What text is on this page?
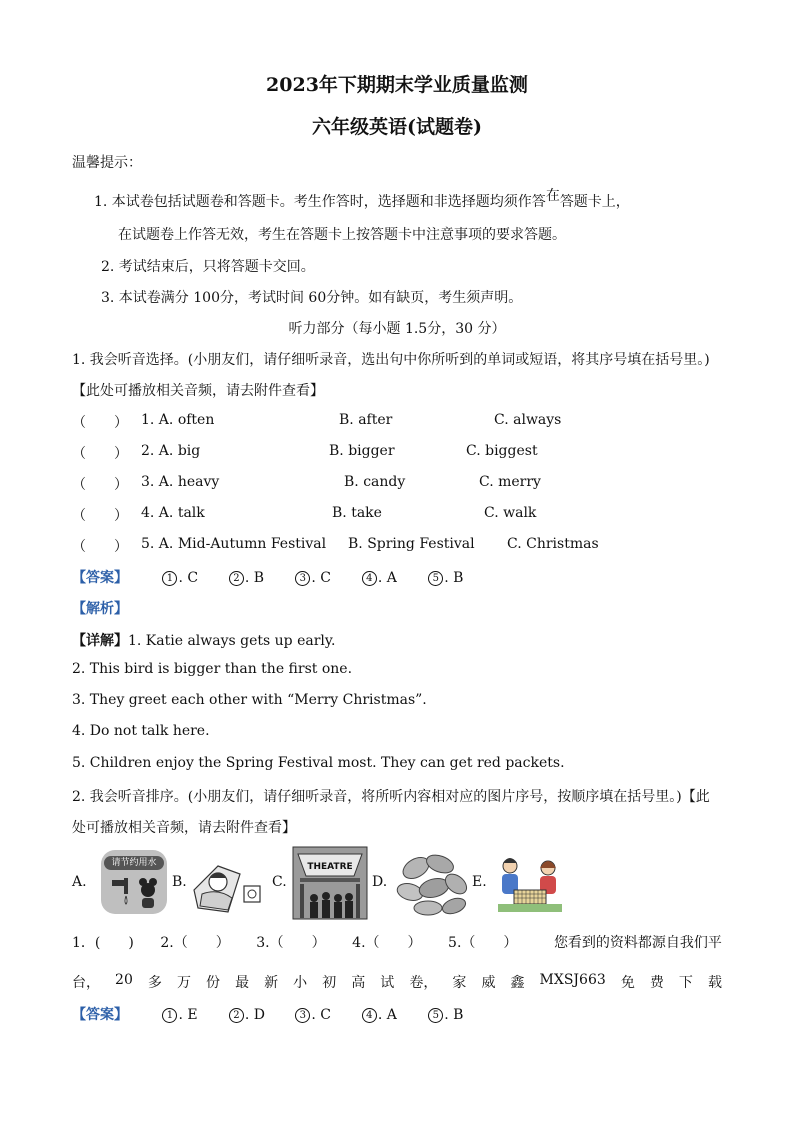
2023年下期期末学业质量监测
六年级英语(试题卷)
温馨提示：
1. 本试卷包括试题卷和答题卡。考生作答时，选择题和非选择题均须作答在答题卡上，
在试题卷上作答无效，考生在答题卡上按答题卡中注意事项的要求答题。
2. 考试结束后，只将答题卡交回。
3. 本试卷满分 100分，考试时间 60分钟。如有缺页，考生须声明。
听力部分（每小题 1.5分，30 分）
1. 我会听音选择。(小朋友们，请仔细听录音，选出句中你所听到的单词或短语，将其序号填在括号里。)
【此处可播放相关音频，请去附件查看】
（　　） 1. A. often	B. after	C. always
（　　） 2. A. big	B. bigger	C. biggest
（　　） 3. A. heavy	B. candy	C. merry
（　　） 4. A. talk	B. take	C. walk
（　　） 5. A. Mid-Autumn Festival B. Spring Festival C. Christmas
【答案】	1 . C	2 . B	3 . C	4 . A	5 . B
【解析】
【详解】1. Katie always gets up early.
2. This bird is bigger than the first one.
3. They greet each other with “Merry Christmas”.
4. Do not talk here.
5. Children enjoy the Spring Festival most. They can get red packets.
2. 我会听音排序。(小朋友们，请仔细听录音，将所听内容相对应的图片序号，按顺序填在括号里。)【此
处可播放相关音频，请去附件查看】
A.
请节约用水
B.	C.
THEATRE
D.	E.
1．(　　) 2.（　　） 3.（　　） 4.（　　） 5.（　　）	您看到的资料都源自我们平
台， 20 多 万 份 最 新 小 初 高 试 卷， 家 威 鑫 MXSJ663 免 费 下 载
【答案】	1 . E	2 . D	3 . C	4 . A	5 . B
